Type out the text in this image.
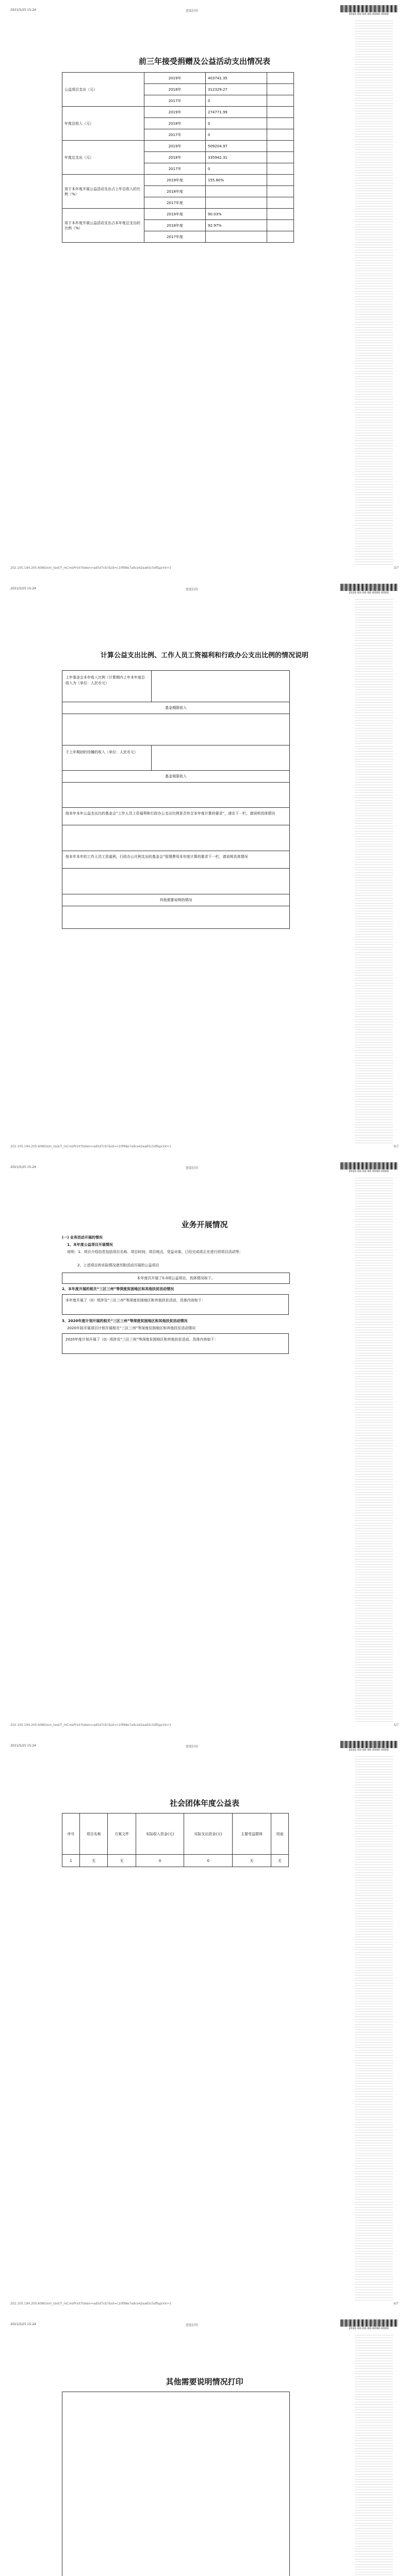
2021/5/25 15:24	查看打印
2020-00-00-00-0000-0000
前三年接受捐赠及公益活动支出情况表
公益项目支出（元）	2019年	403741.35	
	2018年	312329.27	
	2017年	0	
年度总收入（元）	2019年	274771.99	
	2018年	0	
	2017年	0	
年度总支出（元）	2019年	509204.97	
	2018年	335942.31	
	2017年	0	
用于本年度开展公益活动支出占上年总收入的比例（%）	2019年度	155.80%	
	2018年度		
	2017年度		
用于本年度开展公益活动支出占本年度总支出的比例（%）	2019年度	90.03%	
	2018年度	92.97%	
	2017年度		
202.105.194.205:6080/xm_tool/T_mCmsPrint?token=ad5d7cb7&id=c10f98e7a9ce42ea65c5df&print=1	3/7
2021/5/25 15:24	查看打印
2020-00-00-00-0000-0000
计算公益支出比例、工作人员工资福利和行政办公支出比例的情况说明
上年基金会本年收入比例（计算期内上年本年度总收入为（单位：人民币元）
基金期限收入
于上年期初的待摊的收入（单位：人民币元）
基金规限收入
按本年本年公益支出比的基金会“工作人员工资福利和行政办公支出比例是否符合本年度计算的要求”，请在下一栏，请说明具体情况
按本年本年的工作人员工资福利，行政办公比例支出的基金会“管理费用本年度计算的要求下一栏，请说明具体情况
其他需要说明的情况
202.105.194.205:6080/xm_tool/T_mCmsPrint?token=ad5d7cb7&id=c10f98e7a9ce42ea65c5df&print=1	4/7
2021/5/25 15:24	查看打印
2020-00-00-00-0000-0000
业务开展情况
(一) 业务活动开展的情况
1、本年度公益项目开展情况
说明：1、项目介绍信息包括项目名称、项目时间、项目地点、受益对象、已经完成或正在进行的项目活动等；
2、上述项目的实际情况请另附活动开展的公益项目
本年度共开展了0.0项公益项目，具体情况如下。
2、本年度开展的相关“三区三州”等深度贫困地区和其他扶贫活动情况
本年度开展了（0）项涉及“三区三州”等深度贫困地区和其他扶贫活动，具体内容如下：
3、2020年度计划开展的相关“三区三州”等深度贫困地区和其他扶贫活动情况
2020年拟开展项目计划开展相关“三区三州”等深度贫困地区和其他扶贫活动情况
2020年度计划开展了（0）项涉及“三区三州”等深度贫困地区和其他扶贫活动，具体内容如下：
202.105.194.205:6080/xm_tool/T_mCmsPrint?token=ad5d7cb7&id=c10f98e7a9ce42ea65c5df&print=1	5/7
2021/5/25 15:24	查看打印
2020-00-00-00-0000-0000
社会团体年度公益表
序号	项目名称	方案文件	实际收入资金(元)	实际支出资金(元)	主要受益群体	用途
1	无	无	0	0	无	无
202.105.194.205:6080/xm_tool/T_mCmsPrint?token=ad5d7cb7&id=c10f98e7a9ce42ea65c5df&print=1	6/7
2021/5/25 15:24	查看打印
2020-00-00-00-0000-0000
其他需要说明情况打印
